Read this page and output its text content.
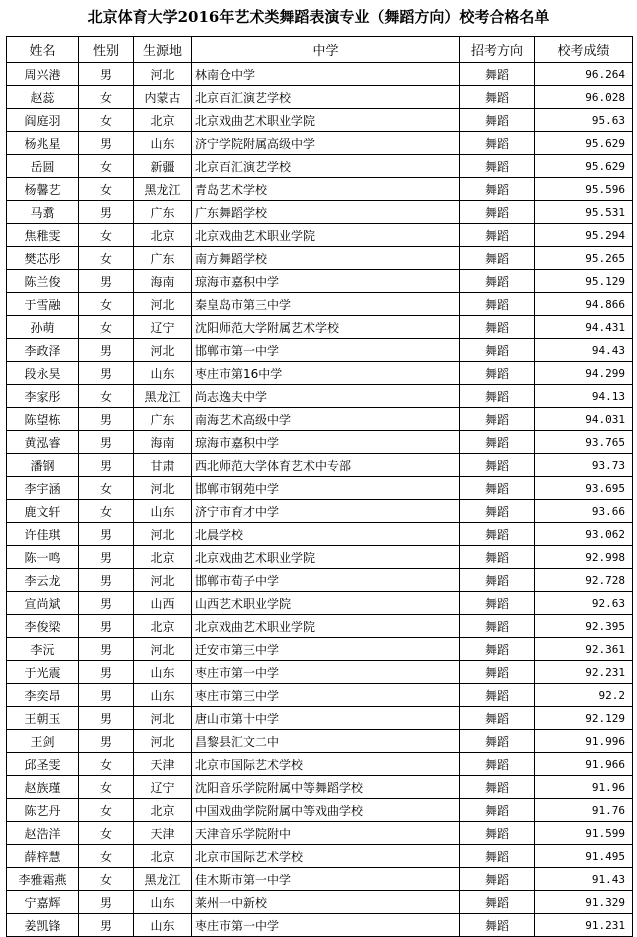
北京体育大学2016年艺术类舞蹈表演专业（舞蹈方向）校考合格名单
姓名	性别	生源地	中学	招考方向	校考成绩
周兴港	男	河北	林南仓中学	舞蹈	96.264
赵蕊	女	内蒙古	北京百汇演艺学校	舞蹈	96.028
阎庭羽	女	北京	北京戏曲艺术职业学院	舞蹈	95.63
杨兆星	男	山东	济宁学院附属高级中学	舞蹈	95.629
岳圆	女	新疆	北京百汇演艺学校	舞蹈	95.629
杨馨艺	女	黑龙江	青岛艺术学校	舞蹈	95.596
马翥	男	广东	广东舞蹈学校	舞蹈	95.531
焦稚雯	女	北京	北京戏曲艺术职业学院	舞蹈	95.294
樊芯彤	女	广东	南方舞蹈学校	舞蹈	95.265
陈兰俊	男	海南	琼海市嘉积中学	舞蹈	95.129
于雪融	女	河北	秦皇岛市第三中学	舞蹈	94.866
孙萌	女	辽宁	沈阳师范大学附属艺术学校	舞蹈	94.431
李政泽	男	河北	邯郸市第一中学	舞蹈	94.43
段永昊	男	山东	枣庄市第16中学	舞蹈	94.299
李家彤	女	黑龙江	尚志逸夫中学	舞蹈	94.13
陈望栋	男	广东	南海艺术高级中学	舞蹈	94.031
黄泓睿	男	海南	琼海市嘉积中学	舞蹈	93.765
潘钢	男	甘肃	西北师范大学体育艺术中专部	舞蹈	93.73
李宇涵	女	河北	邯郸市钢苑中学	舞蹈	93.695
鹿文轩	女	山东	济宁市育才中学	舞蹈	93.66
许佳琪	男	河北	北晨学校	舞蹈	93.062
陈一鸣	男	北京	北京戏曲艺术职业学院	舞蹈	92.998
李云龙	男	河北	邯郸市荀子中学	舞蹈	92.728
宣尚斌	男	山西	山西艺术职业学院	舞蹈	92.63
李俊梁	男	北京	北京戏曲艺术职业学院	舞蹈	92.395
李沅	男	河北	迁安市第三中学	舞蹈	92.361
于光震	男	山东	枣庄市第一中学	舞蹈	92.231
李奕昂	男	山东	枣庄市第三中学	舞蹈	92.2
王朝玉	男	河北	唐山市第十中学	舞蹈	92.129
王剑	男	河北	昌黎县汇文二中	舞蹈	91.996
邱圣雯	女	天津	北京市国际艺术学校	舞蹈	91.966
赵族瑾	女	辽宁	沈阳音乐学院附属中等舞蹈学校	舞蹈	91.96
陈艺丹	女	北京	中国戏曲学院附属中等戏曲学校	舞蹈	91.76
赵浩洋	女	天津	天津音乐学院附中	舞蹈	91.599
薛梓慧	女	北京	北京市国际艺术学校	舞蹈	91.495
李雅霜燕	女	黑龙江	佳木斯市第一中学	舞蹈	91.43
宁嘉辉	男	山东	莱州一中新校	舞蹈	91.329
姜凯锋	男	山东	枣庄市第一中学	舞蹈	91.231
